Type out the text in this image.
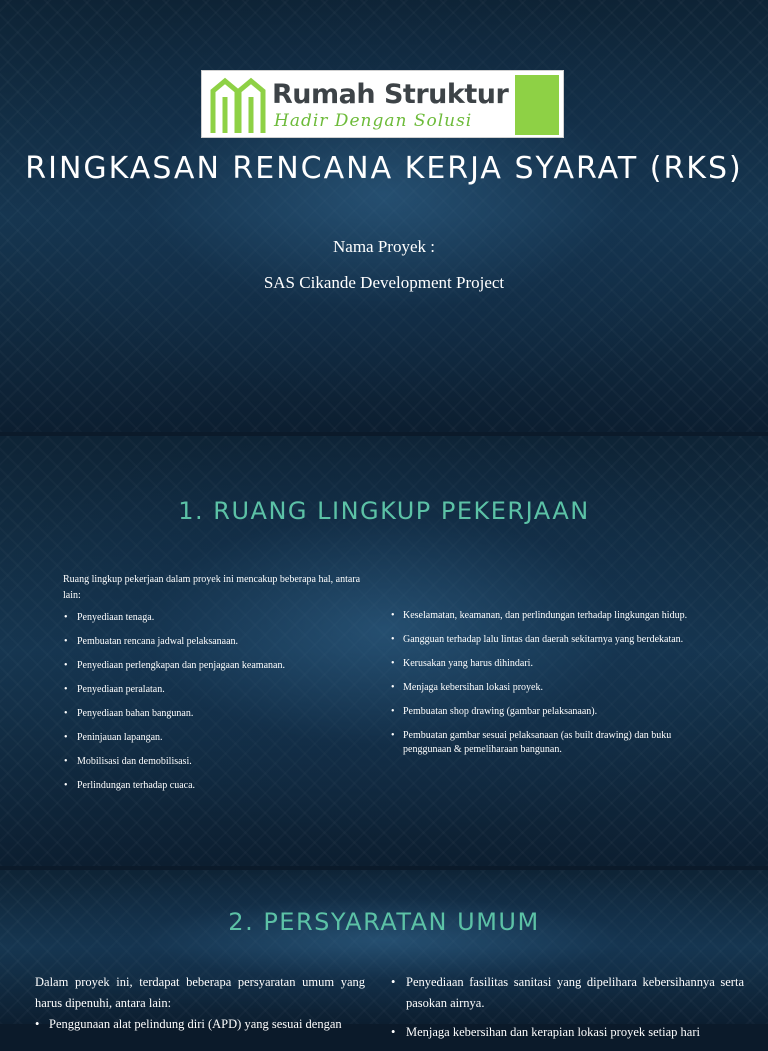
Rumah Struktur
Hadir Dengan Solusi
RINGKASAN RENCANA KERJA SYARAT (RKS)

Nama Proyek :

SAS Cikande Development Project

1. RUANG LINGKUP PEKERJAAN

Ruang lingkup pekerjaan dalam proyek ini mencakup beberapa hal, antara lain:

• Penyediaan tenaga.
• Pembuatan rencana jadwal pelaksanaan.
• Penyediaan perlengkapan dan penjagaan keamanan.
• Penyediaan peralatan.
• Penyediaan bahan bangunan.
• Peninjauan lapangan.
• Mobilisasi dan demobilisasi.
• Perlindungan terhadap cuaca.
• Keselamatan, keamanan, dan perlindungan terhadap lingkungan hidup.
• Gangguan terhadap lalu lintas dan daerah sekitarnya yang berdekatan.
• Kerusakan yang harus dihindari.
• Menjaga kebersihan lokasi proyek.
• Pembuatan shop drawing (gambar pelaksanaan).
• Pembuatan gambar sesuai pelaksanaan (as built drawing) dan buku penggunaan & pemeliharaan bangunan.
2. PERSYARATAN UMUM

Dalam proyek ini, terdapat beberapa persyaratan umum yang harus dipenuhi, antara lain:

• Penggunaan alat pelindung diri (APD) yang sesuai dengan
• Penyediaan fasilitas sanitasi yang dipelihara kebersihannya serta pasokan airnya.
• Menjaga kebersihan dan kerapian lokasi proyek setiap hari
